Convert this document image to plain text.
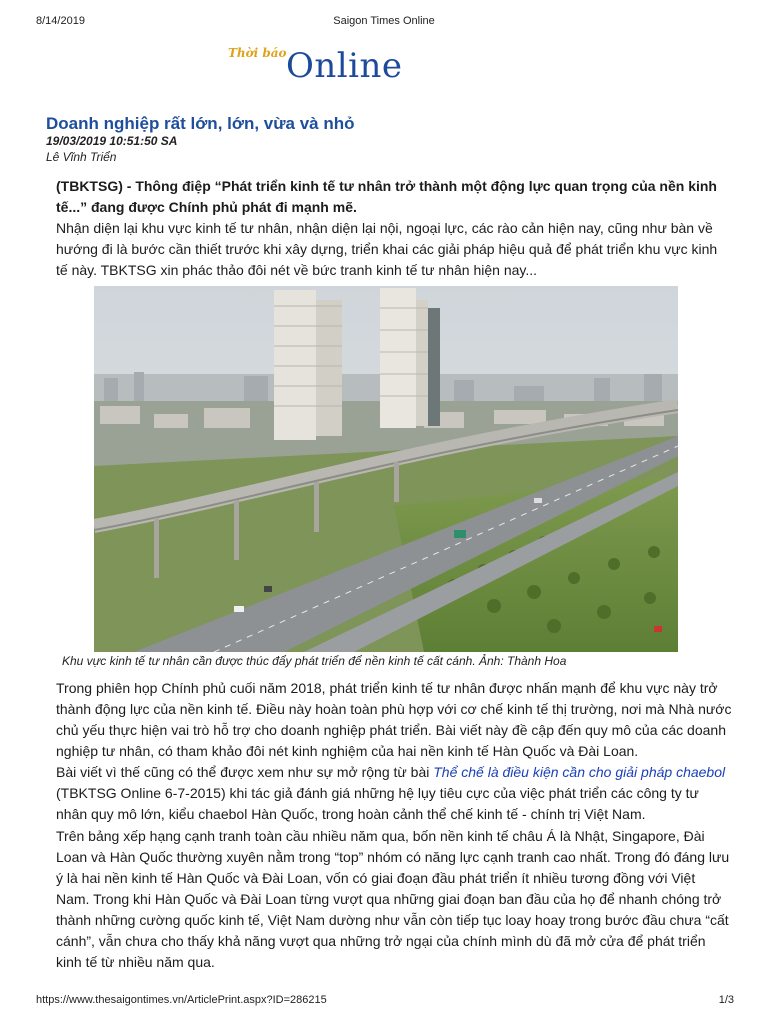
8/14/2019	Saigon Times Online
Thời báo Online
Doanh nghiệp rất lớn, lớn, vừa và nhỏ
19/03/2019 10:51:50 SA
Lê Vĩnh Triển

(TBKTSG) - Thông điệp “Phát triển kinh tế tư nhân trở thành một động lực quan trọng của nền kinh tế...” đang được Chính phủ phát đi mạnh mẽ.

Nhận diện lại khu vực kinh tế tư nhân, nhận diện lại nội, ngoại lực, các rào cản hiện nay, cũng như bàn về hướng đi là bước cần thiết trước khi xây dựng, triển khai các giải pháp hiệu quả để phát triển khu vực kinh tế này. TBKTSG xin phác thảo đôi nét về bức tranh kinh tế tư nhân hiện nay...

Khu vực kinh tế tư nhân cần được thúc đẩy phát triển để nền kinh tế cất cánh. Ảnh: Thành Hoa

Trong phiên họp Chính phủ cuối năm 2018, phát triển kinh tế tư nhân được nhấn mạnh để khu vực này trở thành động lực của nền kinh tế. Điều này hoàn toàn phù hợp với cơ chế kinh tế thị trường, nơi mà Nhà nước chủ yếu thực hiện vai trò hỗ trợ cho doanh nghiệp phát triển. Bài viết này đề cập đến quy mô của các doanh nghiệp tư nhân, có tham khảo đôi nét kinh nghiệm của hai nền kinh tế Hàn Quốc và Đài Loan.

Bài viết vì thế cũng có thể được xem như sự mở rộng từ bài Thể chế là điều kiện cần cho giải pháp chaebol (TBKTSG Online 6-7-2015) khi tác giả đánh giá những hệ lụy tiêu cực của việc phát triển các công ty tư nhân quy mô lớn, kiểu chaebol Hàn Quốc, trong hoàn cảnh thể chế kinh tế - chính trị Việt Nam.

Trên bảng xếp hạng cạnh tranh toàn cầu nhiều năm qua, bốn nền kinh tế châu Á là Nhật, Singapore, Đài Loan và Hàn Quốc thường xuyên nằm trong “top” nhóm có năng lực cạnh tranh cao nhất. Trong đó đáng lưu ý là hai nền kinh tế Hàn Quốc và Đài Loan, vốn có giai đoạn đầu phát triển ít nhiều tương đồng với Việt Nam. Trong khi Hàn Quốc và Đài Loan từng vượt qua những giai đoạn ban đầu của họ để nhanh chóng trở thành những cường quốc kinh tế, Việt Nam dường như vẫn còn tiếp tục loay hoay trong bước đầu chưa “cất cánh”, vẫn chưa cho thấy khả năng vượt qua những trở ngại của chính mình dù đã mở cửa để phát triển kinh tế từ nhiều năm qua.

https://www.thesaigontimes.vn/ArticlePrint.aspx?ID=286215	1/3
